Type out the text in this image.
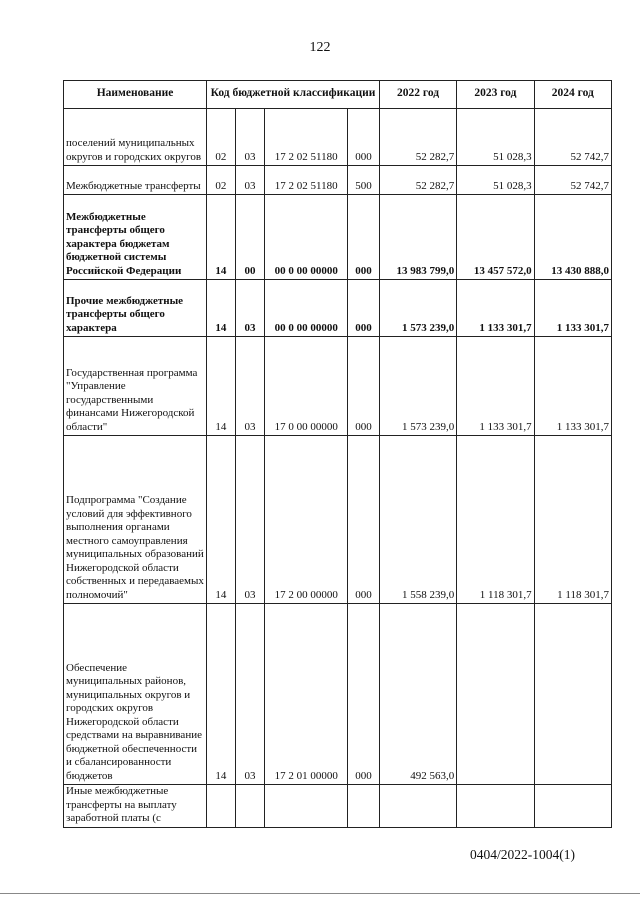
122
Наименование	Код бюджетной классификации				2022 год	2023 год	2024 год
поселений муниципальных округов и городских округов	02	03	17 2 02 51180	000	52 282,7	51 028,3	52 742,7
Межбюджетные трансферты	02	03	17 2 02 51180	500	52 282,7	51 028,3	52 742,7
Межбюджетные трансферты общего характера бюджетам бюджетной системы Российской Федерации	14	00	00 0 00 00000	000	13 983 799,0	13 457 572,0	13 430 888,0
Прочие межбюджетные трансферты общего характера	14	03	00 0 00 00000	000	1 573 239,0	1 133 301,7	1 133 301,7
Государственная программа "Управление государственными финансами Нижегородской области"	14	03	17 0 00 00000	000	1 573 239,0	1 133 301,7	1 133 301,7
Подпрограмма "Создание условий для эффективного выполнения органами местного самоуправления муниципальных образований Нижегородской области собственных и передаваемых полномочий"	14	03	17 2 00 00000	000	1 558 239,0	1 118 301,7	1 118 301,7
Обеспечение муниципальных районов, муниципальных округов и городских округов Нижегородской области средствами на выравнивание бюджетной обеспеченности и сбалансированности бюджетов	14	03	17 2 01 00000	000	492 563,0		
Иные межбюджетные трансферты на выплату заработной платы (с							
0404/2022-1004(1)
